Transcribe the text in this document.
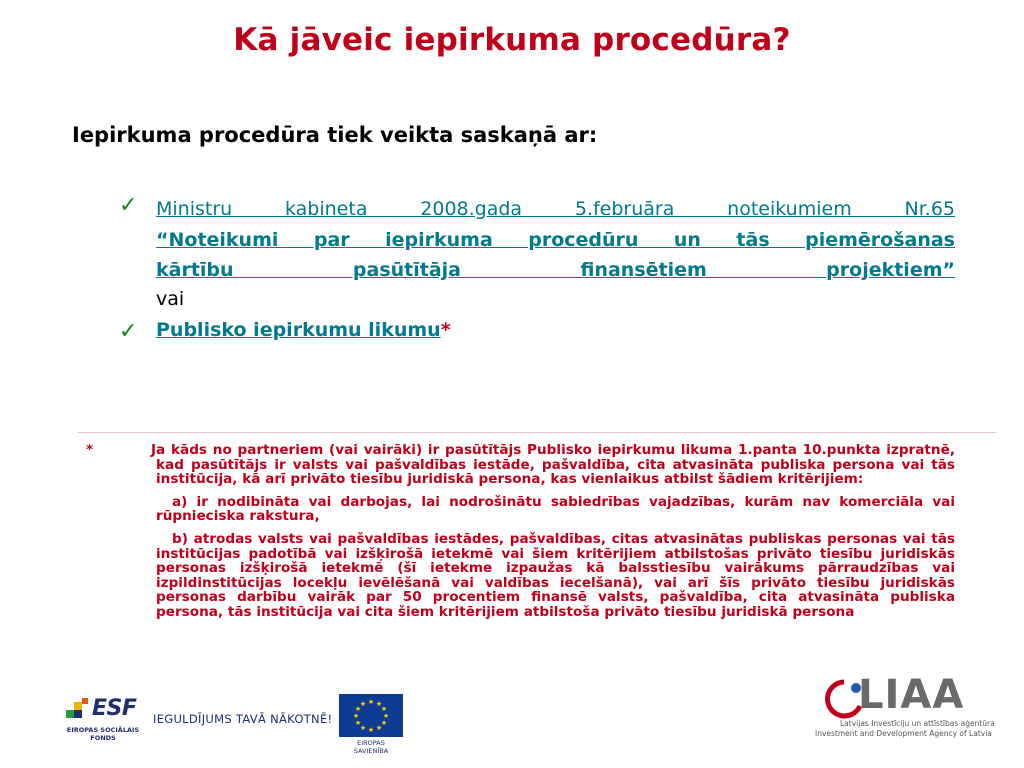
Kā jāveic iepirkuma procedūra?
Iepirkuma procedūra tiek veikta saskaņā ar:
✓ Ministru kabineta 2008.gada 5.februāra noteikumiem Nr.65
“Noteikumi par iepirkuma procedūru un tās piemērošanas
kārtību pasūtītāja finansētiem projektiem”
vai
✓ Publisko iepirkumu likumu*

*	Ja kāds no partneriem (vai vairāki) ir pasūtītājs Publisko iepirkumu likuma 1.panta 10.punkta izpratnē, kad pasūtītājs ir valsts vai pašvaldības iestāde, pašvaldība, cita atvasināta publiska persona vai tās institūcija, kā arī privāto tiesību juridiskā persona, kas vienlaikus atbilst šādiem kritērijiem:

a) ir nodibināta vai darbojas, lai nodrošinātu sabiedrības vajadzības, kurām nav komerciāla vai rūpnieciska rakstura,

b) atrodas valsts vai pašvaldības iestādes, pašvaldības, citas atvasinātas publiskas personas vai tās institūcijas padotībā vai izšķirošā ietekmē vai šiem kritērijiem atbilstošas privāto tiesību juridiskās personas izšķirošā ietekmē (šī ietekme izpaužas kā balsstiesību vairākums pārraudzības vai izpildinstitūcijas locekļu ievēlēšanā vai valdības iecelšanā), vai arī šīs privāto tiesību juridiskās personas darbību vairāk par 50 procentiem finansē valsts, pašvaldība, cita atvasināta publiska persona, tās institūcija vai cita šiem kritērijiem atbilstoša privāto tiesību juridiskā persona

ESF
EIROPAS SOCIĀLAIS FONDS
IEGULDĪJUMS TAVĀ NĀKOTNĒ!
★ ★
★
★
★
★
★
★
★
★
★
★
EIROPAS SAVIENĪBA
LIAA
Latvijas Investīciju un attīstības aģentūra
Investment and Development Agency of Latvia
